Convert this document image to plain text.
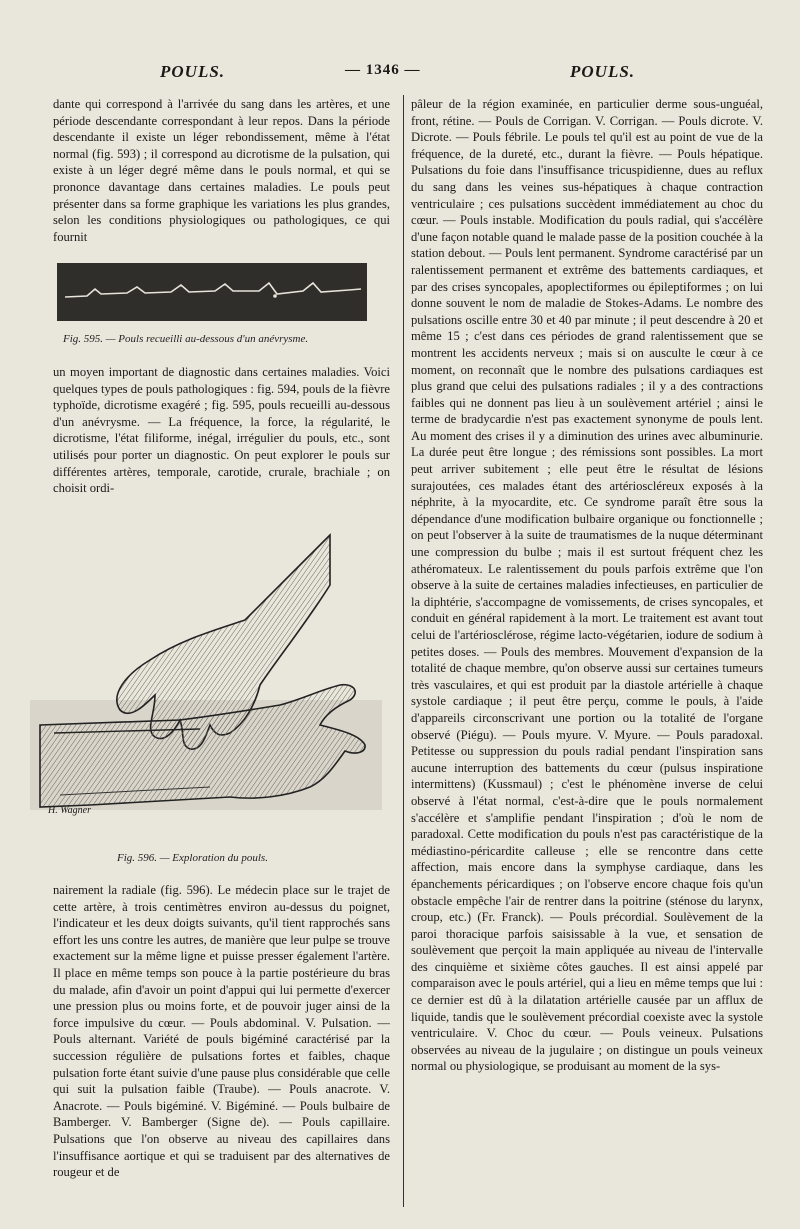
POULS.	— 1346 —	POULS.

dante qui correspond à l'arrivée du sang dans les artères, et une période descendante correspondant à leur repos. Dans la période descendante il existe un léger rebondissement, même à l'état normal (fig. 593) ; il correspond au dicrotisme de la pulsation, qui existe à un léger degré même dans le pouls normal, et qui se prononce davantage dans certaines maladies. Le pouls peut présenter dans sa forme graphique les variations les plus grandes, selon les conditions physiologiques ou pathologiques, ce qui fournit

Fig. 595. — Pouls recueilli au-dessous d'un anévrysme.

un moyen important de diagnostic dans certaines maladies. Voici quelques types de pouls pathologiques : fig. 594, pouls de la fièvre typhoïde, dicrotisme exagéré ; fig. 595, pouls recueilli au-dessous d'un anévrysme. — La fréquence, la force, la régularité, le dicrotisme, l'état filiforme, inégal, irrégulier du pouls, etc., sont utilisés pour porter un diagnostic. On peut explorer le pouls sur différentes artères, temporale, carotide, crurale, brachiale ; on choisit ordi-

H. Wagner
Fig. 596. — Exploration du pouls.

nairement la radiale (fig. 596). Le médecin place sur le trajet de cette artère, à trois centimètres environ au-dessus du poignet, l'indicateur et les deux doigts suivants, qu'il tient rapprochés sans effort les uns contre les autres, de manière que leur pulpe se trouve exactement sur la même ligne et puisse presser également l'artère. Il place en même temps son pouce à la partie postérieure du bras du malade, afin d'avoir un point d'appui qui lui permette d'exercer une pression plus ou moins forte, et de pouvoir juger ainsi de la force impulsive du cœur. — Pouls abdominal. V. Pulsation. — Pouls alternant. Variété de pouls bigéminé caractérisé par la succession régulière de pulsations fortes et faibles, chaque pulsation forte étant suivie d'une pause plus considérable que celle qui suit la pulsation faible (Traube). — Pouls anacrote. V. Anacrote. — Pouls bigéminé. V. Bigéminé. — Pouls bulbaire de Bamberger. V. Bamberger (Signe de). — Pouls capillaire. Pulsations que l'on observe au niveau des capillaires dans l'insuffisance aortique et qui se traduisent par des alternatives de rougeur et de

pâleur de la région examinée, en particulier derme sous-unguéal, front, rétine. — Pouls de Corrigan. V. Corrigan. — Pouls dicrote. V. Dicrote. — Pouls fébrile. Le pouls tel qu'il est au point de vue de la fréquence, de la dureté, etc., durant la fièvre. — Pouls hépatique. Pulsations du foie dans l'insuffisance tricuspidienne, dues au reflux du sang dans les veines sus-hépatiques à chaque contraction ventriculaire ; ces pulsations succèdent immédiatement au choc du cœur. — Pouls instable. Modification du pouls radial, qui s'accélère d'une façon notable quand le malade passe de la position couchée à la station debout. — Pouls lent permanent. Syndrome caractérisé par un ralentissement permanent et extrême des battements cardiaques, et par des crises syncopales, apoplectiformes ou épileptiformes ; on lui donne souvent le nom de maladie de Stokes-Adams. Le nombre des pulsations oscille entre 30 et 40 par minute ; il peut descendre à 20 et même 15 ; c'est dans ces périodes de grand ralentissement que se montrent les accidents nerveux ; mais si on ausculte le cœur à ce moment, on reconnaît que le nombre des pulsations cardiaques est plus grand que celui des pulsations radiales ; il y a des contractions faibles qui ne donnent pas lieu à un soulèvement artériel ; ainsi le terme de bradycardie n'est pas exactement synonyme de pouls lent. Au moment des crises il y a diminution des urines avec albuminurie. La durée peut être longue ; des rémissions sont possibles. La mort peut arriver subitement ; elle peut être le résultat de lésions surajoutées, ces malades étant des artérioscléreux exposés à la néphrite, à la myocardite, etc. Ce syndrome paraît être sous la dépendance d'une modification bulbaire organique ou fonctionnelle ; on peut l'observer à la suite de traumatismes de la nuque déterminant une compression du bulbe ; mais il est surtout fréquent chez les athéromateux. Le ralentissement du pouls parfois extrême que l'on observe à la suite de certaines maladies infectieuses, en particulier de la diphtérie, s'accompagne de vomissements, de crises syncopales, et conduit en général rapidement à la mort. Le traitement est avant tout celui de l'artériosclérose, régime lacto-végétarien, iodure de sodium à petites doses. — Pouls des membres. Mouvement d'expansion de la totalité de chaque membre, qu'on observe aussi sur certaines tumeurs très vasculaires, et qui est produit par la diastole artérielle à chaque systole cardiaque ; il peut être perçu, comme le pouls, à l'aide d'appareils circonscrivant une portion ou la totalité de l'organe observé (Piégu). — Pouls myure. V. Myure. — Pouls paradoxal. Petitesse ou suppression du pouls radial pendant l'inspiration sans aucune interruption des battements du cœur (pulsus inspiratione intermittens) (Kussmaul) ; c'est le phénomène inverse de celui observé à l'état normal, c'est-à-dire que le pouls normalement s'accélère et s'amplifie pendant l'inspiration ; d'où le nom de paradoxal. Cette modification du pouls n'est pas caractéristique de la médiastino-péricardite calleuse ; elle se rencontre dans cette affection, mais encore dans la symphyse cardiaque, dans les épanchements péricardiques ; on l'observe encore chaque fois qu'un obstacle empêche l'air de rentrer dans la poitrine (sténose du larynx, croup, etc.) (Fr. Franck). — Pouls précordial. Soulèvement de la paroi thoracique parfois saisissable à la vue, et sensation de soulèvement que perçoit la main appliquée au niveau de l'intervalle des cinquième et sixième côtes gauches. Il est ainsi appelé par comparaison avec le pouls artériel, qui a lieu en même temps que lui : ce dernier est dû à la dilatation artérielle causée par un afflux de liquide, tandis que le soulèvement précordial coexiste avec la systole ventriculaire. V. Choc du cœur. — Pouls veineux. Pulsations observées au niveau de la jugulaire ; on distingue un pouls veineux normal ou physiologique, se produisant au moment de la sys-
